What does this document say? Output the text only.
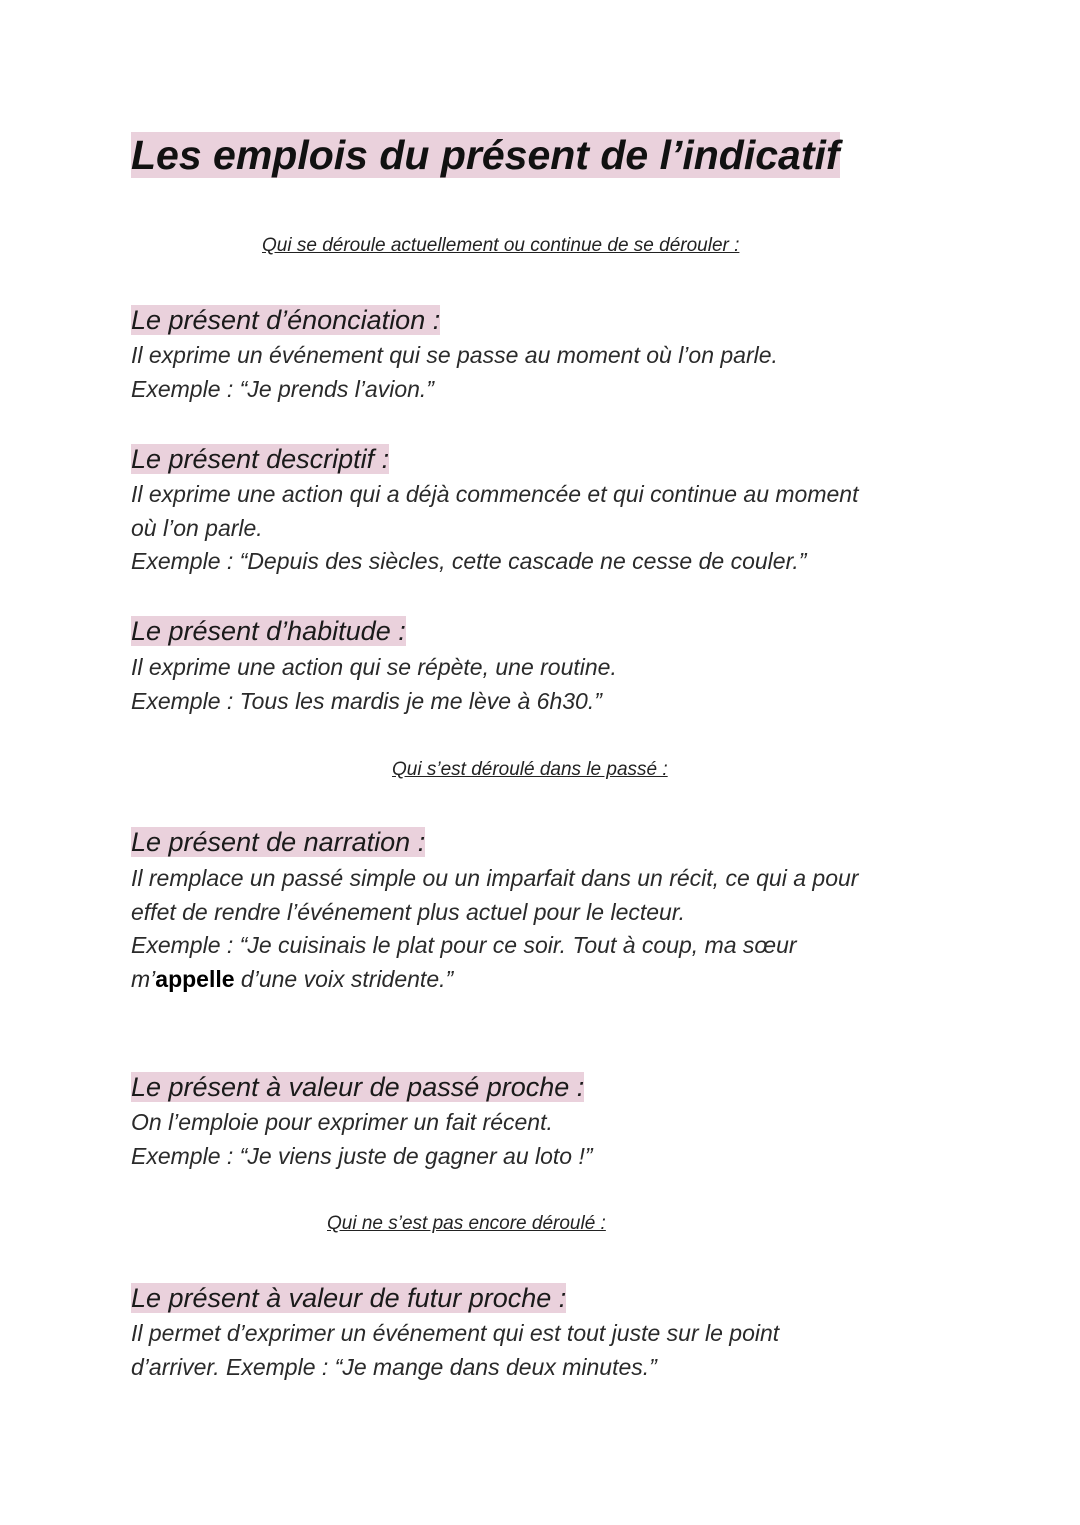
Les emplois du présent de l’indicatif

Qui se déroule actuellement ou continue de se dérouler :

Le présent d’énonciation :
Il exprime un événement qui se passe au moment où l’on parle.
Exemple : “Je prends l’avion.”
Le présent descriptif :
Il exprime une action qui a déjà commencée et qui continue au moment
où l’on parle.
Exemple : “Depuis des siècles, cette cascade ne cesse de couler.”
Le présent d’habitude :
Il exprime une action qui se répète, une routine.
Exemple : Tous les mardis je me lève à 6h30.”

Qui s’est déroulé dans le passé :

Le présent de narration :
Il remplace un passé simple ou un imparfait dans un récit, ce qui a pour
effet de rendre l’événement plus actuel pour le lecteur.
Exemple : “Je cuisinais le plat pour ce soir. Tout à coup, ma sœur
m’appelle d’une voix stridente.”
Le présent à valeur de passé proche :
On l’emploie pour exprimer un fait récent.
Exemple : “Je viens juste de gagner au loto !”

Qui ne s’est pas encore déroulé :

Le présent à valeur de futur proche :
Il permet d’exprimer un événement qui est tout juste sur le point
d’arriver. Exemple : “Je mange dans deux minutes.”
